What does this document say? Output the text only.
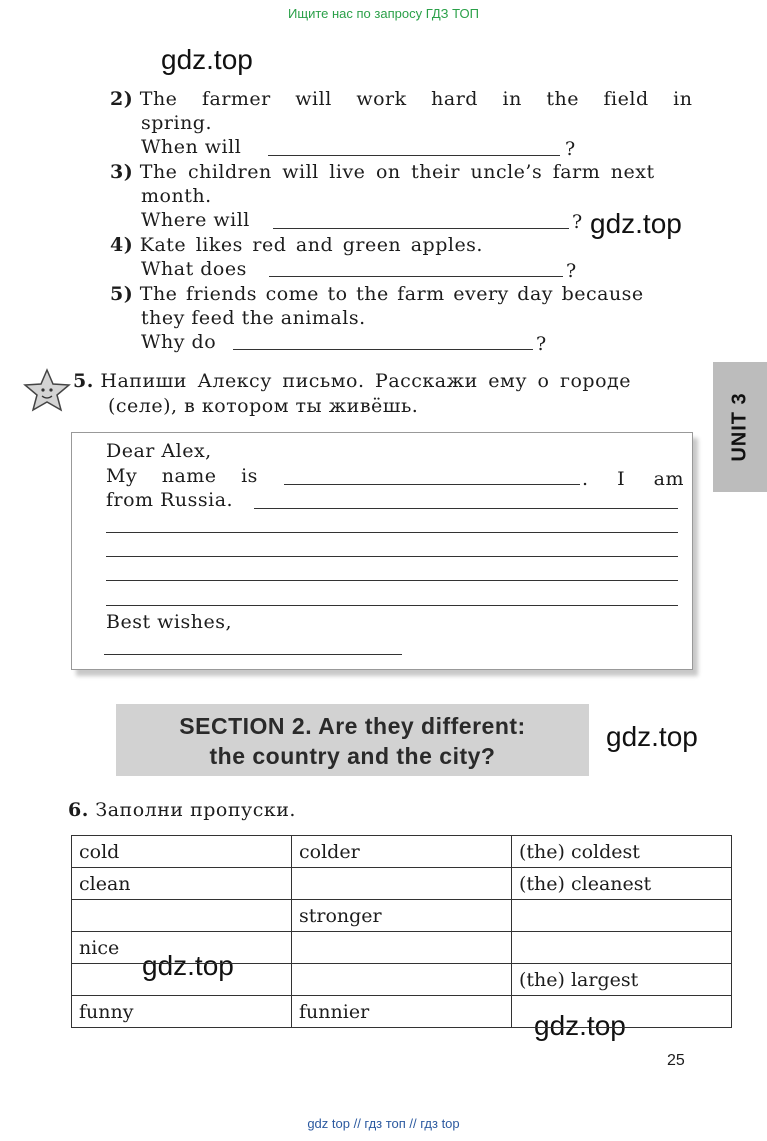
Ищите нас по запросу ГДЗ ТОП
gdz.top
gdz.top
gdz.top
gdz.top
gdz.top
2) The farmer will work hard in the field in
spring.
When will	?
3) The children will live on their uncle’s farm next
month.
Where will	?
4) Kate likes red and green apples.
What does	?
5) The friends come to the farm every day because
they feed the animals.
Why do	?
UNIT 3
5. Напиши Алексу письмо. Расскажи ему о городе
(селе), в котором ты живёшь.
Dear Alex,
My name is	. I am
from Russia.
Best wishes,
SECTION 2. Are they different:
the country and the city?
6. Заполни пропуски.
cold	colder	(the) coldest
clean		(the) cleanest
	stronger	
nice		
		(the) largest
funny	funnier	
25
gdz top // гдз топ // гдз top
